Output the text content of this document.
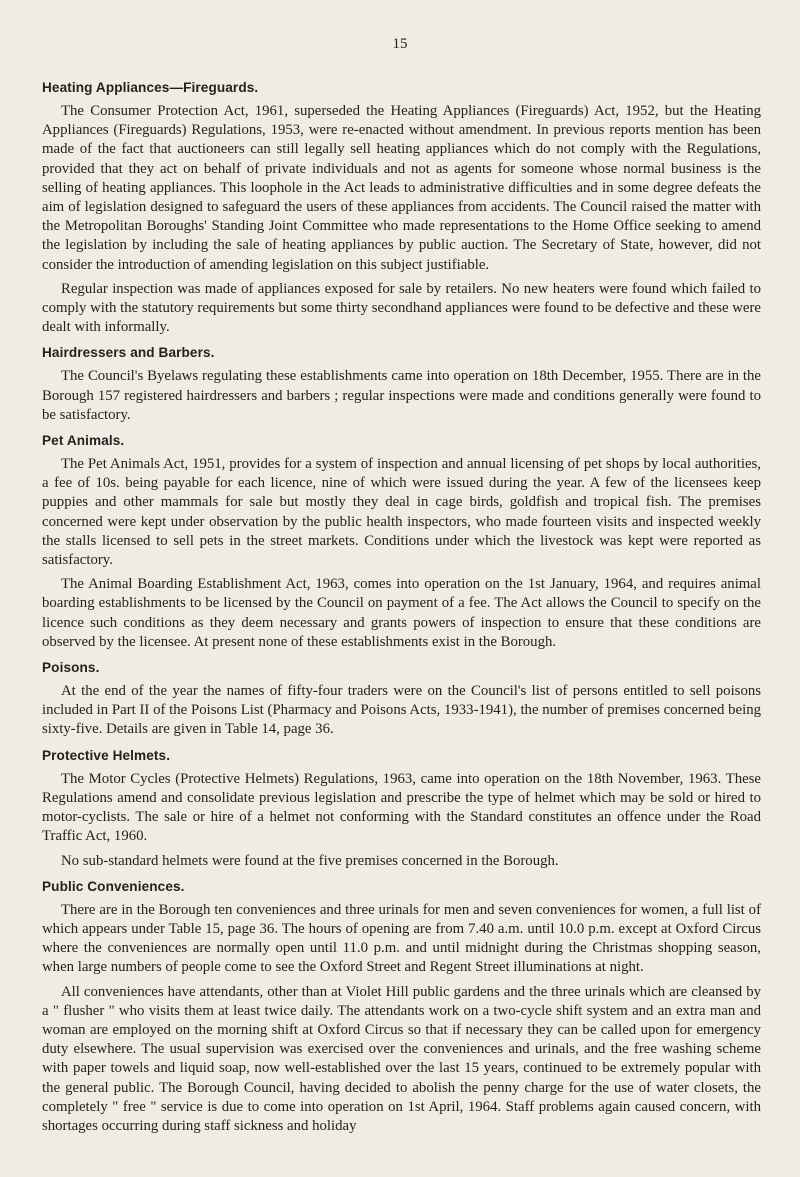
15
Heating Appliances—Fireguards.

The Consumer Protection Act, 1961, superseded the Heating Appliances (Fireguards) Act, 1952, but the Heating Appliances (Fireguards) Regulations, 1953, were re-enacted without amendment. In previous reports mention has been made of the fact that auctioneers can still legally sell heating appliances which do not comply with the Regulations, provided that they act on behalf of private individuals and not as agents for someone whose normal business is the selling of heating appliances. This loophole in the Act leads to administrative difficulties and in some degree defeats the aim of legislation designed to safeguard the users of these appliances from accidents. The Council raised the matter with the Metropolitan Boroughs' Standing Joint Committee who made representations to the Home Office seeking to amend the legislation by including the sale of heating appliances by public auction. The Secretary of State, however, did not consider the introduction of amending legislation on this subject justifiable.

Regular inspection was made of appliances exposed for sale by retailers. No new heaters were found which failed to comply with the statutory requirements but some thirty secondhand appliances were found to be defective and these were dealt with informally.

Hairdressers and Barbers.

The Council's Byelaws regulating these establishments came into operation on 18th December, 1955. There are in the Borough 157 registered hairdressers and barbers ; regular inspections were made and conditions generally were found to be satisfactory.

Pet Animals.

The Pet Animals Act, 1951, provides for a system of inspection and annual licensing of pet shops by local authorities, a fee of 10s. being payable for each licence, nine of which were issued during the year. A few of the licensees keep puppies and other mammals for sale but mostly they deal in cage birds, goldfish and tropical fish. The premises concerned were kept under observation by the public health inspectors, who made fourteen visits and inspected weekly the stalls licensed to sell pets in the street markets. Conditions under which the livestock was kept were reported as satisfactory.

The Animal Boarding Establishment Act, 1963, comes into operation on the 1st January, 1964, and requires animal boarding establishments to be licensed by the Council on payment of a fee. The Act allows the Council to specify on the licence such conditions as they deem necessary and grants powers of inspection to ensure that these conditions are observed by the licensee. At present none of these establishments exist in the Borough.

Poisons.

At the end of the year the names of fifty-four traders were on the Council's list of persons entitled to sell poisons included in Part II of the Poisons List (Pharmacy and Poisons Acts, 1933-1941), the number of premises concerned being sixty-five. Details are given in Table 14, page 36.

Protective Helmets.

The Motor Cycles (Protective Helmets) Regulations, 1963, came into operation on the 18th November, 1963. These Regulations amend and consolidate previous legislation and prescribe the type of helmet which may be sold or hired to motor-cyclists. The sale or hire of a helmet not conforming with the Standard constitutes an offence under the Road Traffic Act, 1960.

No sub-standard helmets were found at the five premises concerned in the Borough.

Public Conveniences.

There are in the Borough ten conveniences and three urinals for men and seven conveniences for women, a full list of which appears under Table 15, page 36. The hours of opening are from 7.40 a.m. until 10.0 p.m. except at Oxford Circus where the conveniences are normally open until 11.0 p.m. and until midnight during the Christmas shopping season, when large numbers of people come to see the Oxford Street and Regent Street illuminations at night.

All conveniences have attendants, other than at Violet Hill public gardens and the three urinals which are cleansed by a " flusher " who visits them at least twice daily. The attendants work on a two-cycle shift system and an extra man and woman are employed on the morning shift at Oxford Circus so that if necessary they can be called upon for emergency duty elsewhere. The usual supervision was exercised over the conveniences and urinals, and the free washing scheme with paper towels and liquid soap, now well-established over the last 15 years, continued to be extremely popular with the general public. The Borough Council, having decided to abolish the penny charge for the use of water closets, the completely " free " service is due to come into operation on 1st April, 1964. Staff problems again caused concern, with shortages occurring during staff sickness and holiday
